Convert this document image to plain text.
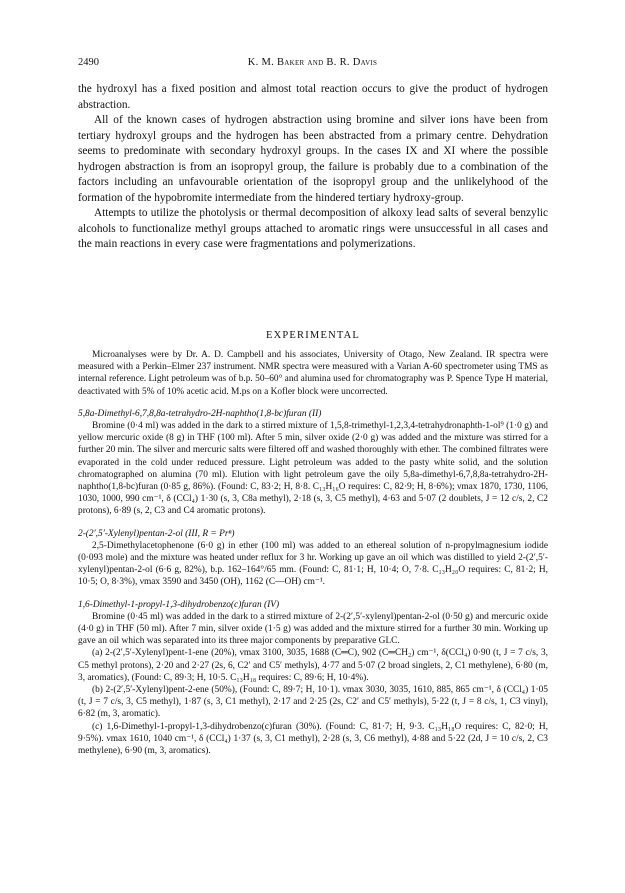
2490	K. M. Baker and B. R. Davis

the hydroxyl has a fixed position and almost total reaction occurs to give the product of hydrogen abstraction.

All of the known cases of hydrogen abstraction using bromine and silver ions have been from tertiary hydroxyl groups and the hydrogen has been abstracted from a primary centre. Dehydration seems to predominate with secondary hydroxyl groups. In the cases IX and XI where the possible hydrogen abstraction is from an isopropyl group, the failure is probably due to a combination of the factors including an unfavourable orientation of the isopropyl group and the unlikelyhood of the formation of the hypobromite intermediate from the hindered tertiary hydroxy-group.

Attempts to utilize the photolysis or thermal decomposition of alkoxy lead salts of several benzylic alcohols to functionalize methyl groups attached to aromatic rings were unsuccessful in all cases and the main reactions in every case were fragmentations and polymerizations.

EXPERIMENTAL

Microanalyses were by Dr. A. D. Campbell and his associates, University of Otago, New Zealand. IR spectra were measured with a Perkin–Elmer 237 instrument. NMR spectra were measured with a Varian A-60 spectrometer using TMS as internal reference. Light petroleum was of b.p. 50–60° and alumina used for chromatography was P. Spence Type H material, deactivated with 5% of 10% acetic acid. M.ps on a Kofler block were uncorrected.

5,8a-Dimethyl-6,7,8,8a-tetrahydro-2H-naphtho(1,8-bc)furan (II)

Bromine (0·4 ml) was added in the dark to a stirred mixture of 1,5,8-trimethyl-1,2,3,4-tetrahydronaphth-1-ol⁹ (1·0 g) and yellow mercuric oxide (8 g) in THF (100 ml). After 5 min, silver oxide (2·0 g) was added and the mixture was stirred for a further 20 min. The silver and mercuric salts were filtered off and washed thoroughly with ether. The combined filtrates were evaporated in the cold under reduced pressure. Light petroleum was added to the pasty white solid, and the solution chromatographed on alumina (70 ml). Elution with light petroleum gave the oily 5,8a-dimethyl-6,7,8,8a-tetrahydro-2H-naphtho(1,8-bc)furan (0·85 g, 86%). (Found: C, 83·2; H, 8·8. C₁₃H₁₆O requires: C, 82·9; H, 8·6%); νmax 1870, 1730, 1106, 1030, 1000, 990 cm⁻¹, δ (CCl₄) 1·30 (s, 3, C8a methyl), 2·18 (s, 3, C5 methyl), 4·63 and 5·07 (2 doublets, J = 12 c/s, 2, C2 protons), 6·89 (s, 2, C3 and C4 aromatic protons).

2-(2′,5′-Xylenyl)pentan-2-ol (III, R = Prⁿ)

2,5-Dimethylacetophenone (6·0 g) in ether (100 ml) was added to an ethereal solution of n-propylmagnesium iodide (0·093 mole) and the mixture was heated under reflux for 3 hr. Working up gave an oil which was distilled to yield 2-(2′,5′-xylenyl)pentan-2-ol (6·6 g, 82%), b.p. 162–164°/65 mm. (Found: C, 81·1; H, 10·4; O, 7·8. C₁₃H₂₀O requires: C, 81·2; H, 10·5; O, 8·3%), νmax 3590 and 3450 (OH), 1162 (C—OH) cm⁻¹.

1,6-Dimethyl-1-propyl-1,3-dihydrobenzo(c)furan (IV)

Bromine (0·45 ml) was added in the dark to a stirred mixture of 2-(2′,5′-xylenyl)pentan-2-ol (0·50 g) and mercuric oxide (4·0 g) in THF (50 ml). After 7 min, silver oxide (1·5 g) was added and the mixture stirred for a further 30 min. Working up gave an oil which was separated into its three major components by preparative GLC.

(a) 2-(2′,5′-Xylenyl)pent-1-ene (20%), νmax 3100, 3035, 1688 (C═C), 902 (C═CH₂) cm⁻¹, δ(CCl₄) 0·90 (t, J = 7 c/s, 3, C5 methyl protons), 2·20 and 2·27 (2s, 6, C2′ and C5′ methyls), 4·77 and 5·07 (2 broad singlets, 2, C1 methylene), 6·80 (m, 3, aromatics), (Found: C, 89·3; H, 10·5. C₁₃H₁₈ requires: C, 89·6; H, 10·4%).

(b) 2-(2′,5′-Xylenyl)pent-2-ene (50%), (Found: C, 89·7; H, 10·1). νmax 3030, 3035, 1610, 885, 865 cm⁻¹, δ (CCl₄) 1·05 (t, J = 7 c/s, 3, C5 methyl), 1·87 (s, 3, C1 methyl), 2·17 and 2·25 (2s, C2′ and C5′ methyls), 5·22 (t, J = 8 c/s, 1, C3 vinyl), 6·82 (m, 3, aromatic).

(c) 1,6-Dimethyl-1-propyl-1,3-dihydrobenzo(c)furan (30%). (Found: C, 81·7; H, 9·3. C₁₃H₁₈O requires: C, 82·0; H, 9·5%). νmax 1610, 1040 cm⁻¹, δ (CCl₄) 1·37 (s, 3, C1 methyl), 2·28 (s, 3, C6 methyl), 4·88 and 5·22 (2d, J = 10 c/s, 2, C3 methylene), 6·90 (m, 3, aromatics).
